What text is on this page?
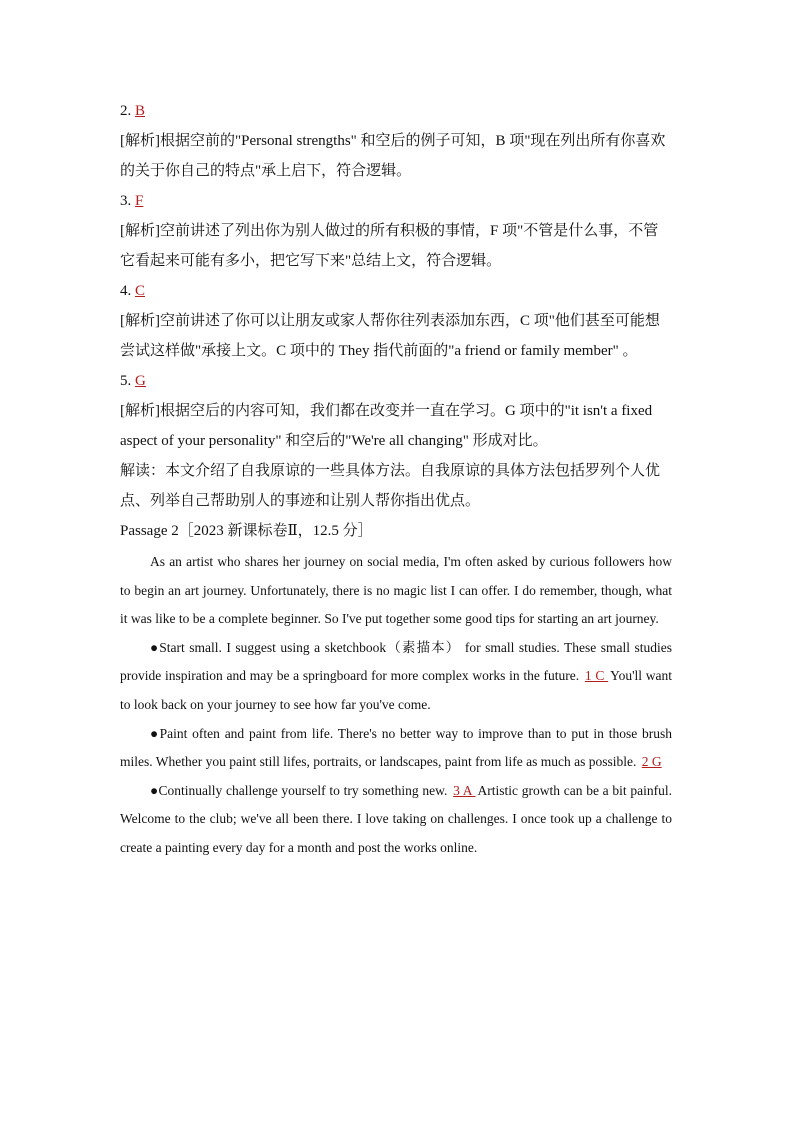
2. B

[解析]根据空前的"Personal strengths" 和空后的例子可知，B 项"现在列出所有你喜欢的关于你自己的特点"承上启下，符合逻辑。

3. F

[解析]空前讲述了列出你为别人做过的所有积极的事情，F 项"不管是什么事，不管它看起来可能有多小，把它写下来"总结上文，符合逻辑。

4. C

[解析]空前讲述了你可以让朋友或家人帮你往列表添加东西，C 项"他们甚至可能想尝试这样做"承接上文。C 项中的 They 指代前面的"a friend or family member" 。

5. G

[解析]根据空后的内容可知，我们都在改变并一直在学习。G 项中的"it isn't a fixed aspect of your personality" 和空后的"We're all changing" 形成对比。

解读：本文介绍了自我原谅的一些具体方法。自我原谅的具体方法包括罗列个人优点、列举自己帮助别人的事迹和让别人帮你指出优点。

Passage 2［2023 新课标卷Ⅱ，12.5 分］

As an artist who shares her journey on social media, I'm often asked by curious followers how to begin an art journey. Unfortunately, there is no magic list I can offer. I do remember, though, what it was like to be a complete beginner. So I've put together some good tips for starting an art journey.

●Start small. I suggest using a sketchbook（素描本） for small studies. These small studies provide inspiration and may be a springboard for more complex works in the future. 1 C You'll want to look back on your journey to see how far you've come.

●Paint often and paint from life. There's no better way to improve than to put in those brush miles. Whether you paint still lifes, portraits, or landscapes, paint from life as much as possible. 2 G

●Continually challenge yourself to try something new. 3 A Artistic growth can be a bit painful. Welcome to the club; we've all been there. I love taking on challenges. I once took up a challenge to create a painting every day for a month and post the works online.
